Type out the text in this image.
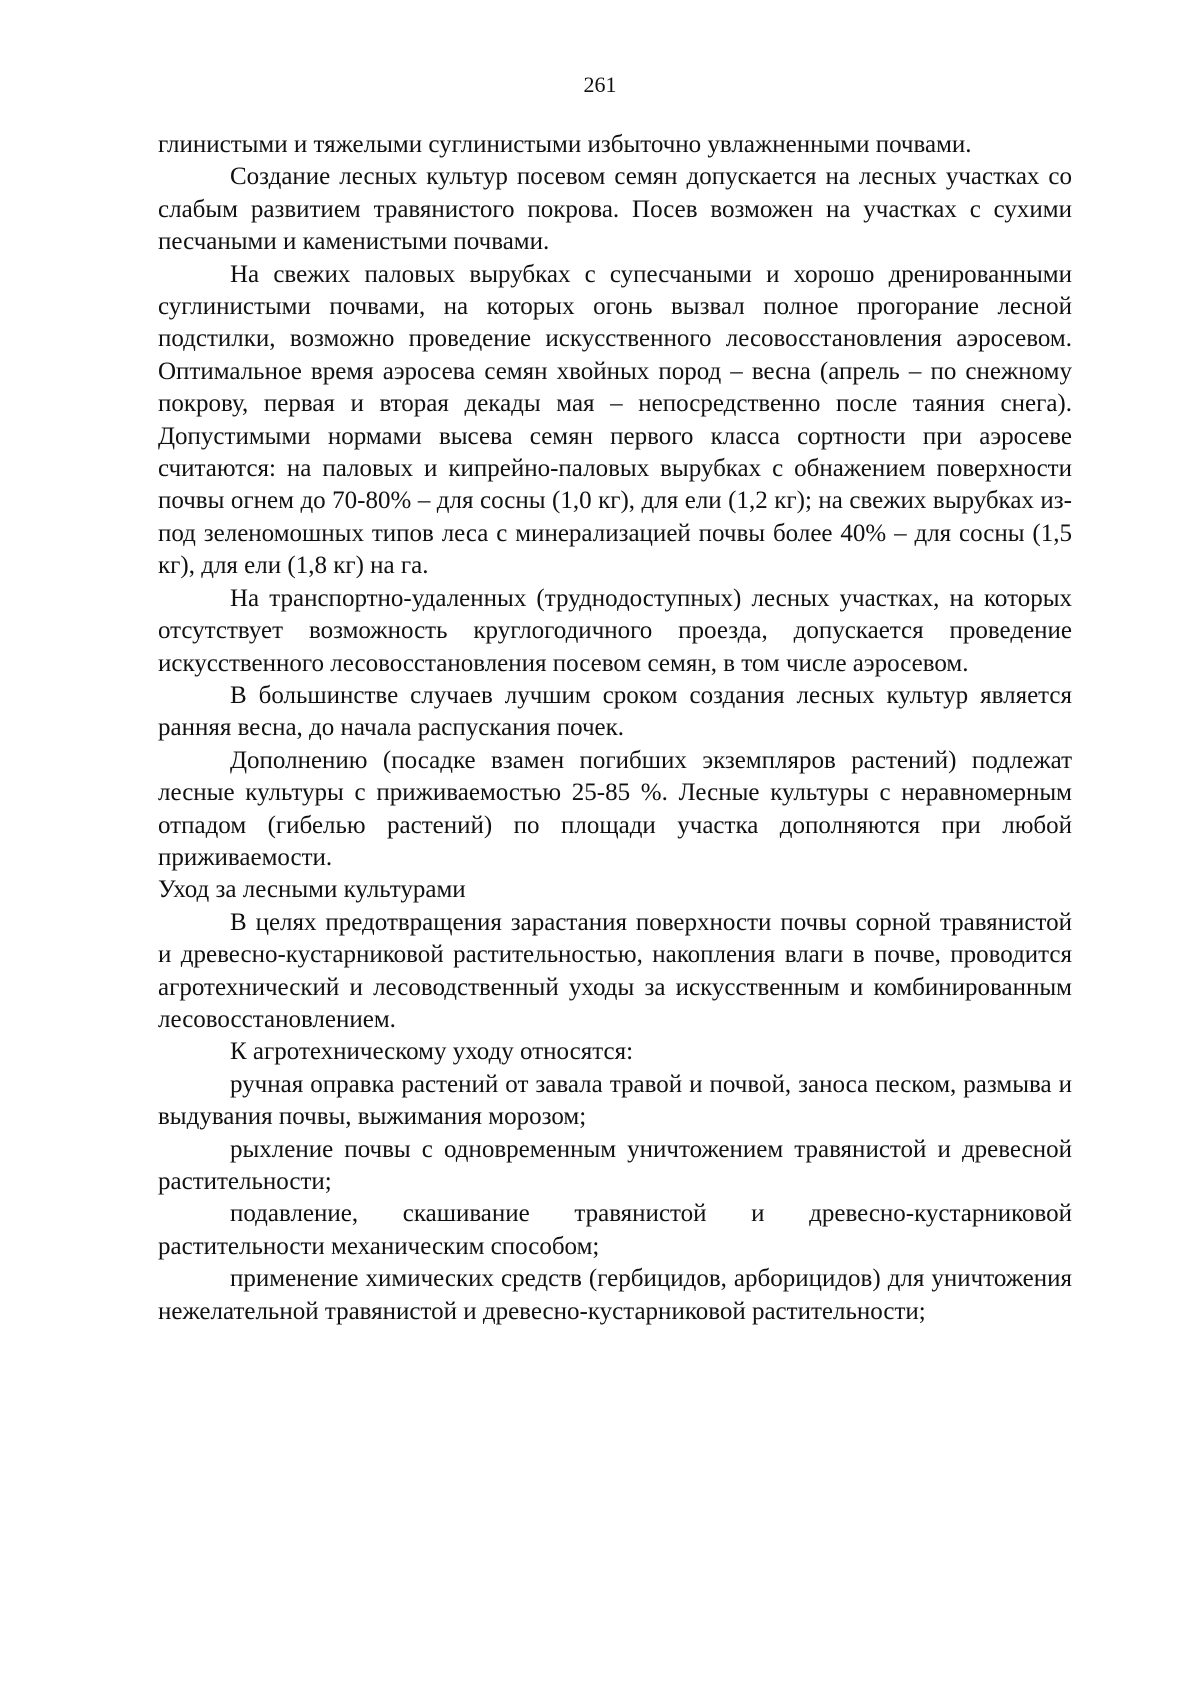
261

глинистыми и тяжелыми суглинистыми избыточно увлажненными почвами.

Создание лесных культур посевом семян допускается на лесных участках со слабым развитием травянистого покрова. Посев возможен на участках с сухими песчаными и каменистыми почвами.

На свежих паловых вырубках с супесчаными и хорошо дренированными суглинистыми почвами, на которых огонь вызвал полное прогорание лесной подстилки, возможно проведение искусственного лесовосстановления аэросевом. Оптимальное время аэросева семян хвойных пород – весна (апрель – по снежному покрову, первая и вторая декады мая – непосредственно после таяния снега). Допустимыми нормами высева семян первого класса сортности при аэросеве считаются: на паловых и кипрейно-паловых вырубках с обнажением поверхности почвы огнем до 70-80% – для сосны (1,0 кг), для ели (1,2 кг); на свежих вырубках из-под зеленомошных типов леса с минерализацией почвы более 40% – для сосны (1,5 кг), для ели (1,8 кг) на га.

На транспортно-удаленных (труднодоступных) лесных участках, на которых отсутствует возможность круглогодичного проезда, допускается проведение искусственного лесовосстановления посевом семян, в том числе аэросевом.

В большинстве случаев лучшим сроком создания лесных культур является ранняя весна, до начала распускания почек.

Дополнению (посадке взамен погибших экземпляров растений) подлежат лесные культуры с приживаемостью 25-85 %. Лесные культуры с неравномерным отпадом (гибелью растений) по площади участка дополняются при любой приживаемости.

Уход за лесными культурами

В целях предотвращения зарастания поверхности почвы сорной травянистой и древесно-кустарниковой растительностью, накопления влаги в почве, проводится агротехнический и лесоводственный уходы за искусственным и комбинированным лесовосстановлением.

К агротехническому уходу относятся:

ручная оправка растений от завала травой и почвой, заноса песком, размыва и выдувания почвы, выжимания морозом;

рыхление почвы с одновременным уничтожением травянистой и древесной растительности;

подавление, скашивание травянистой и древесно-кустарниковой растительности механическим способом;

применение химических средств (гербицидов, арборицидов) для уничтожения нежелательной травянистой и древесно-кустарниковой растительности;
